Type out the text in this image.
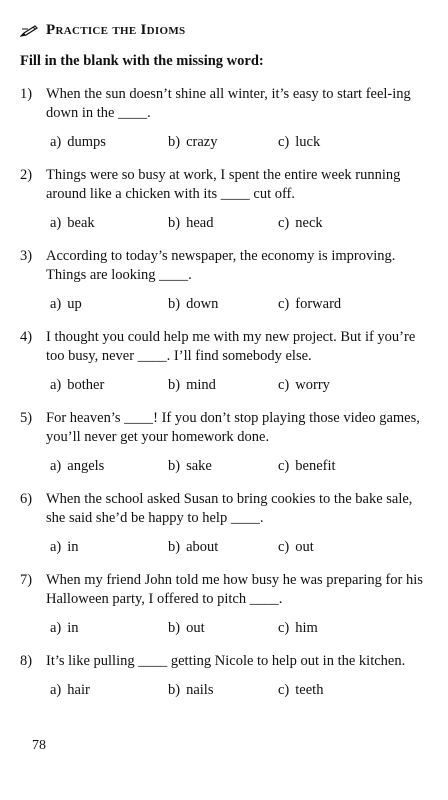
Practice the Idioms
Fill in the blank with the missing word:
1) When the sun doesn’t shine all winter, it’s easy to start feel-ing down in the ____.
a) dumps	b) crazy	c) luck
2) Things were so busy at work, I spent the entire week running around like a chicken with its ____ cut off.
a) beak	b) head	c) neck
3) According to today’s newspaper, the economy is improving. Things are looking ____.
a) up	b) down	c) forward
4) I thought you could help me with my new project. But if you’re too busy, never ____. I’ll find somebody else.
a) bother	b) mind	c) worry
5) For heaven’s ____! If you don’t stop playing those video games, you’ll never get your homework done.
a) angels	b) sake	c) benefit
6) When the school asked Susan to bring cookies to the bake sale, she said she’d be happy to help ____.
a) in	b) about	c) out
7) When my friend John told me how busy he was preparing for his Halloween party, I offered to pitch ____.
a) in	b) out	c) him
8) It’s like pulling ____ getting Nicole to help out in the kitchen.
a) hair	b) nails	c) teeth
78
